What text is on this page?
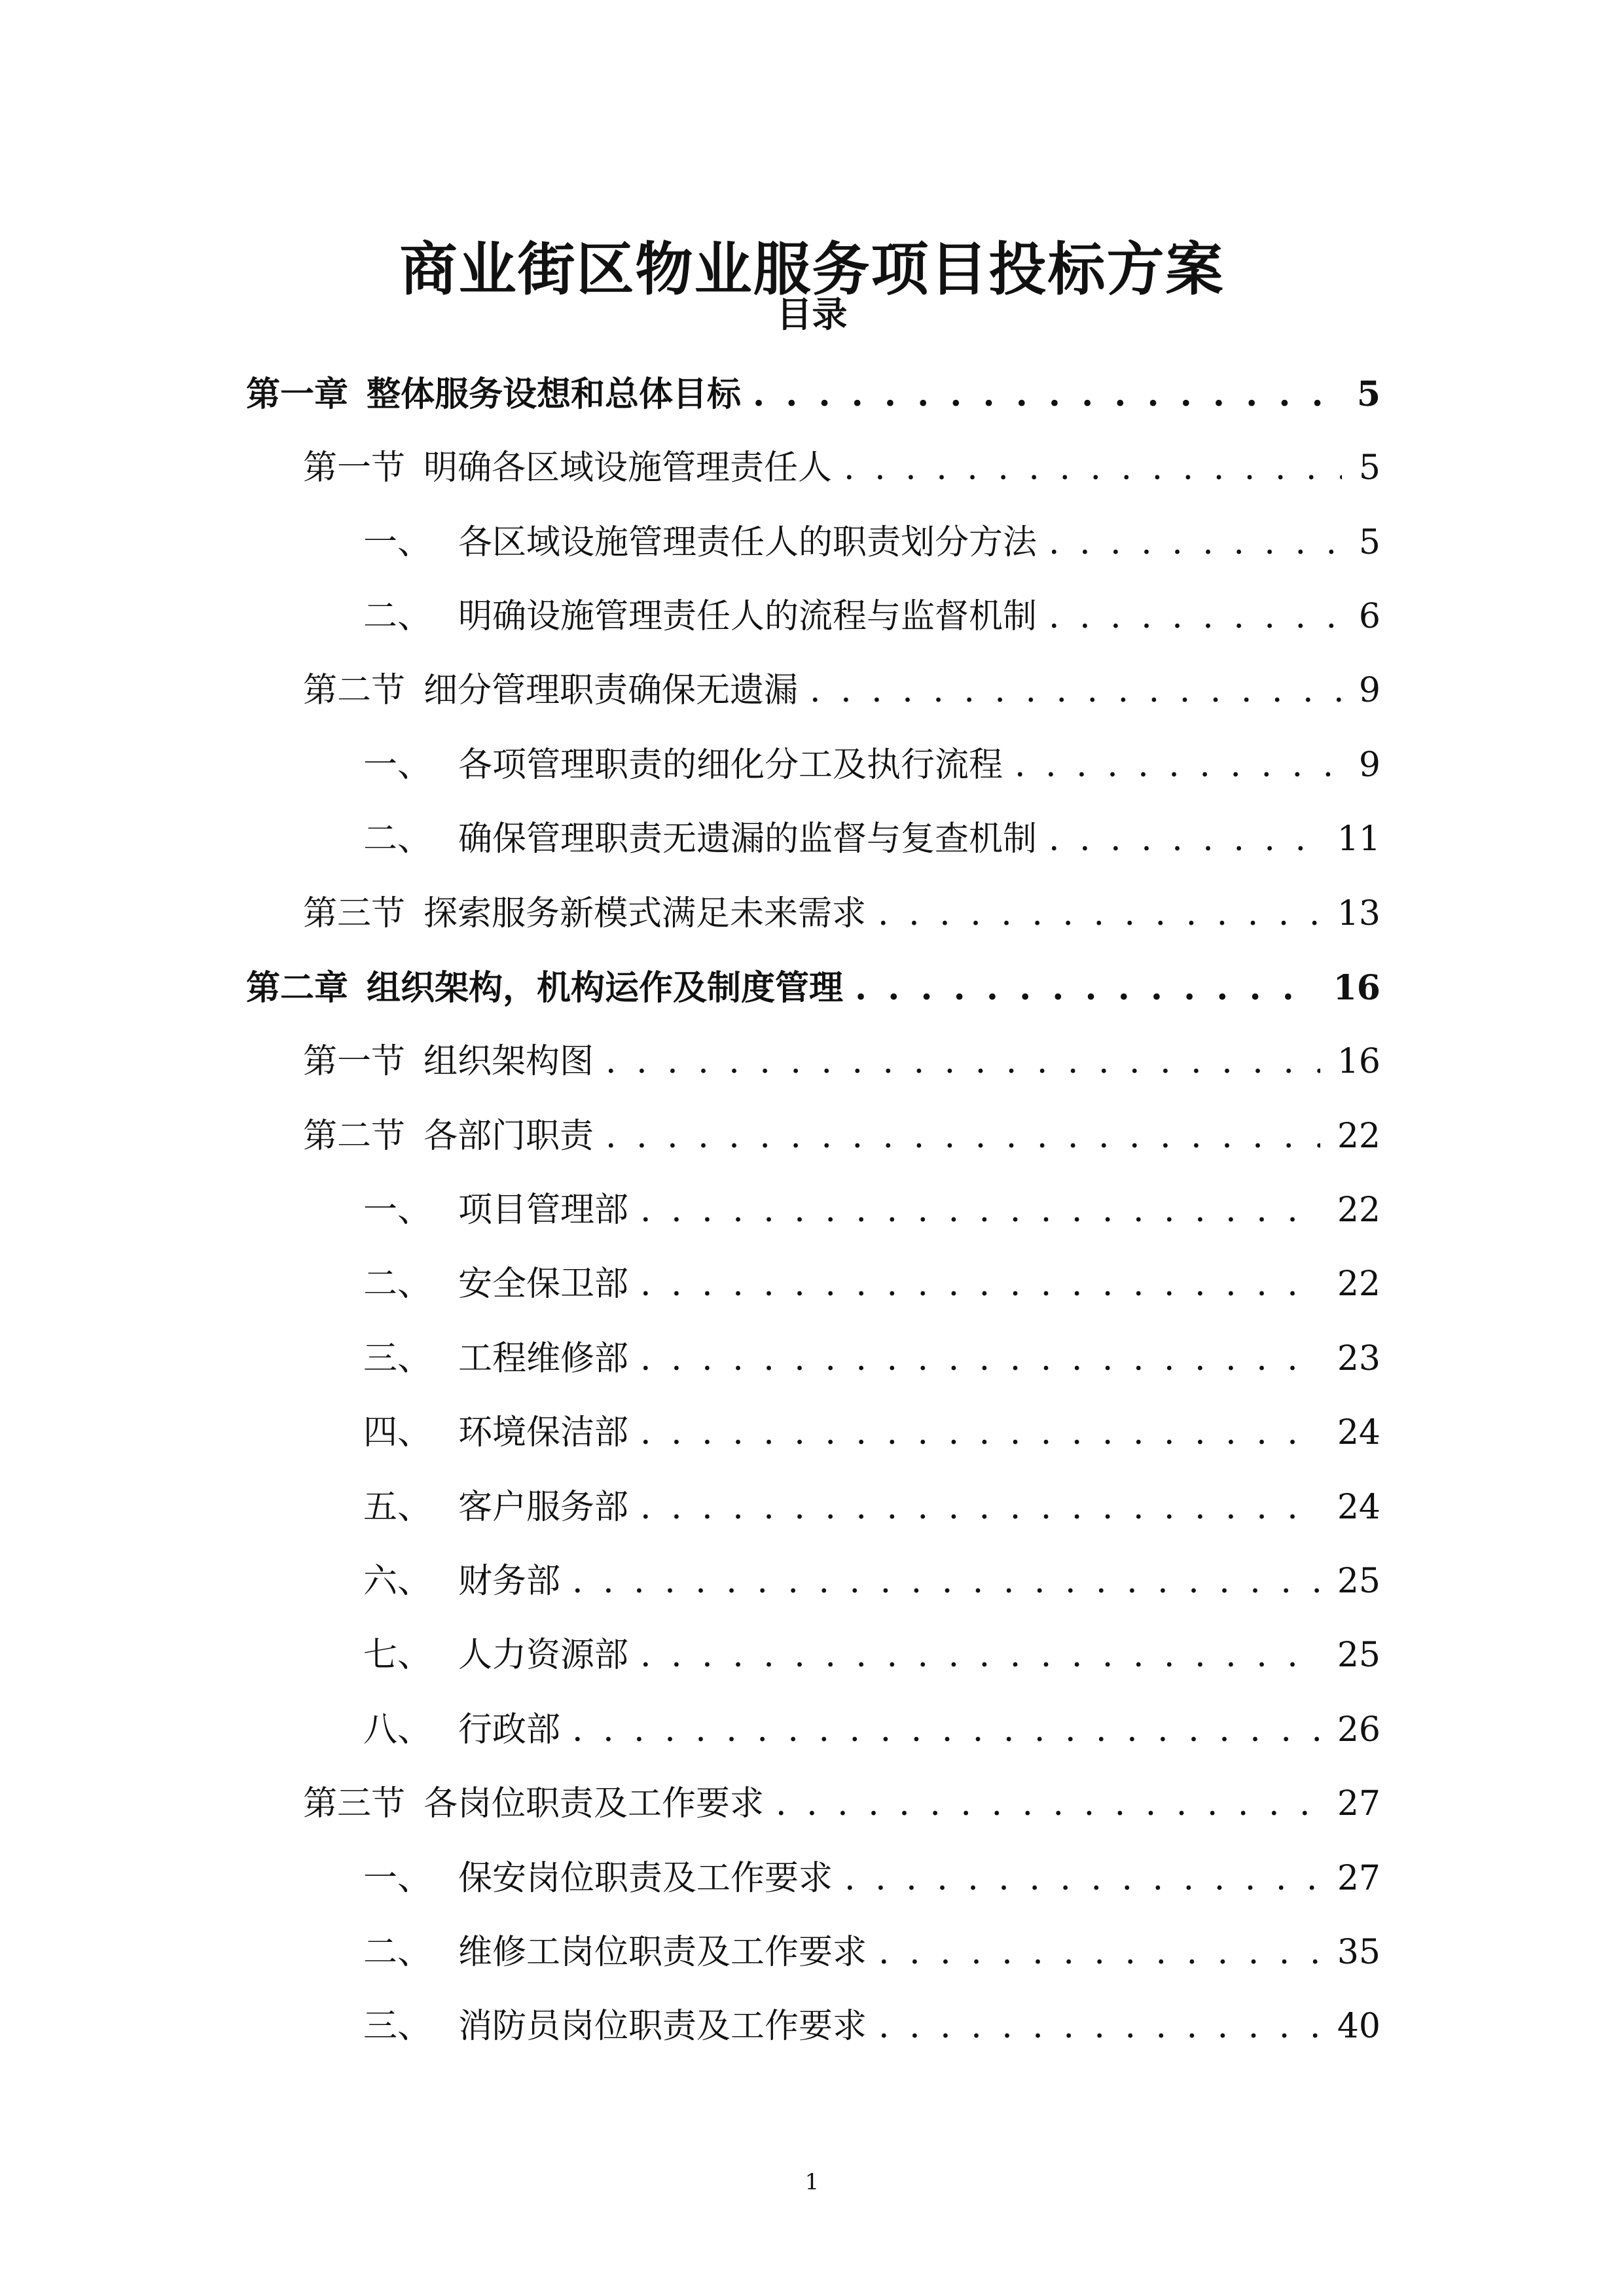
商业街区物业服务项目投标方案
目录
第一章 整体服务设想和总体目标 . . .	5
第一节 明确各区域设施管理责任人 . . .	5
一、 各区域设施管理责任人的职责划分方法 . . .	5
二、 明确设施管理责任人的流程与监督机制 . . .	6
第二节 细分管理职责确保无遗漏 . . .	9
一、 各项管理职责的细化分工及执行流程 . . .	9
二、 确保管理职责无遗漏的监督与复查机制 . . .	11
第三节 探索服务新模式满足未来需求 . . .	13
第二章 组织架构，机构运作及制度管理 . . .	16
第一节 组织架构图 . . .	16
第二节 各部门职责 . . .	22
一、 项目管理部 . . .	22
二、 安全保卫部 . . .	22
三、 工程维修部 . . .	23
四、 环境保洁部 . . .	24
五、 客户服务部 . . .	24
六、 财务部 . . .	25
七、 人力资源部 . . .	25
八、 行政部 . . .	26
第三节 各岗位职责及工作要求 . . .	27
一、 保安岗位职责及工作要求 . . .	27
二、 维修工岗位职责及工作要求 . . .	35
三、 消防员岗位职责及工作要求 . . .	40
1
